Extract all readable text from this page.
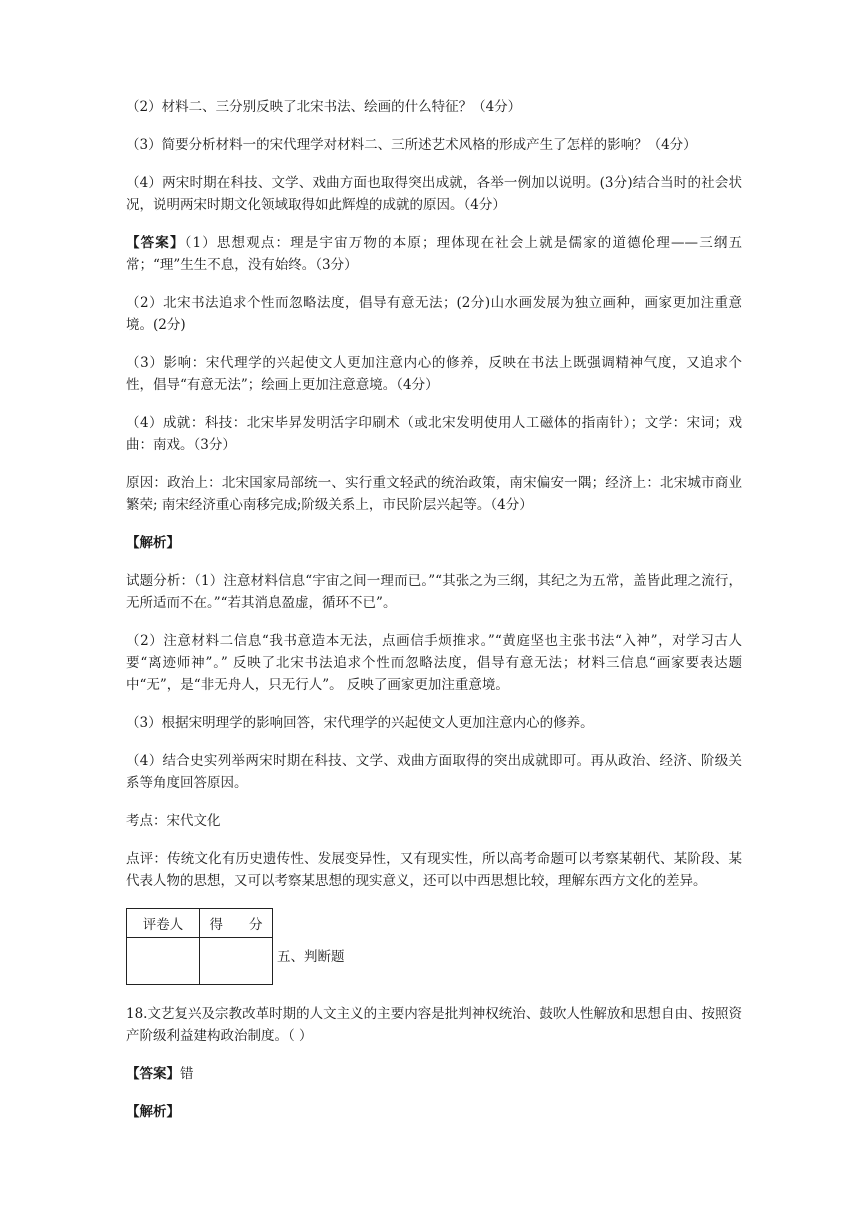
（2）材料二、三分别反映了北宋书法、绘画的什么特征？（4分）

（3）简要分析材料一的宋代理学对材料二、三所述艺术风格的形成产生了怎样的影响？（4分）

（4）两宋时期在科技、文学、戏曲方面也取得突出成就，各举一例加以说明。(3分)结合当时的社会状况，说明两宋时期文化领域取得如此辉煌的成就的原因。（4分）

【答案】（1）思想观点：理是宇宙万物的本原；理体现在社会上就是儒家的道德伦理——三纲五常；“理”生生不息，没有始终。（3分）

（2）北宋书法追求个性而忽略法度，倡导有意无法；(2分)山水画发展为独立画种，画家更加注重意境。(2分)

（3）影响：宋代理学的兴起使文人更加注意内心的修养，反映在书法上既强调精神气度，又追求个性，倡导“有意无法”；绘画上更加注意意境。（4分）

（4）成就：科技：北宋毕昇发明活字印刷术（或北宋发明使用人工磁体的指南针）；文学：宋词；戏曲：南戏。（3分）

原因：政治上：北宋国家局部统一、实行重文轻武的统治政策，南宋偏安一隅；经济上：北宋城市商业繁荣; 南宋经济重心南移完成;阶级关系上，市民阶层兴起等。（4分）

【解析】

试题分析：（1）注意材料信息“宇宙之间一理而已。”“其张之为三纲，其纪之为五常，盖皆此理之流行，无所适而不在。”“若其消息盈虚，循环不已”。

（2）注意材料二信息“我书意造本无法，点画信手烦推求。”“黄庭坚也主张书法“入神”，对学习古人要“离迹师神”。” 反映了北宋书法追求个性而忽略法度，倡导有意无法；材料三信息“画家要表达题中“无”，是“非无舟人，只无行人”。 反映了画家更加注重意境。

（3）根据宋明理学的影响回答，宋代理学的兴起使文人更加注意内心的修养。

（4）结合史实列举两宋时期在科技、文学、戏曲方面取得的突出成就即可。再从政治、经济、阶级关系等角度回答原因。

考点：宋代文化

点评：传统文化有历史遗传性、发展变异性，又有现实性，所以高考命题可以考察某朝代、某阶段、某代表人物的思想，又可以考察某思想的现实意义，还可以中西思想比较，理解东西方文化的差异。

评卷人	得 分

五、判断题

18.文艺复兴及宗教改革时期的人文主义的主要内容是批判神权统治、鼓吹人性解放和思想自由、按照资产阶级利益建构政治制度。（ ）

【答案】错

【解析】
